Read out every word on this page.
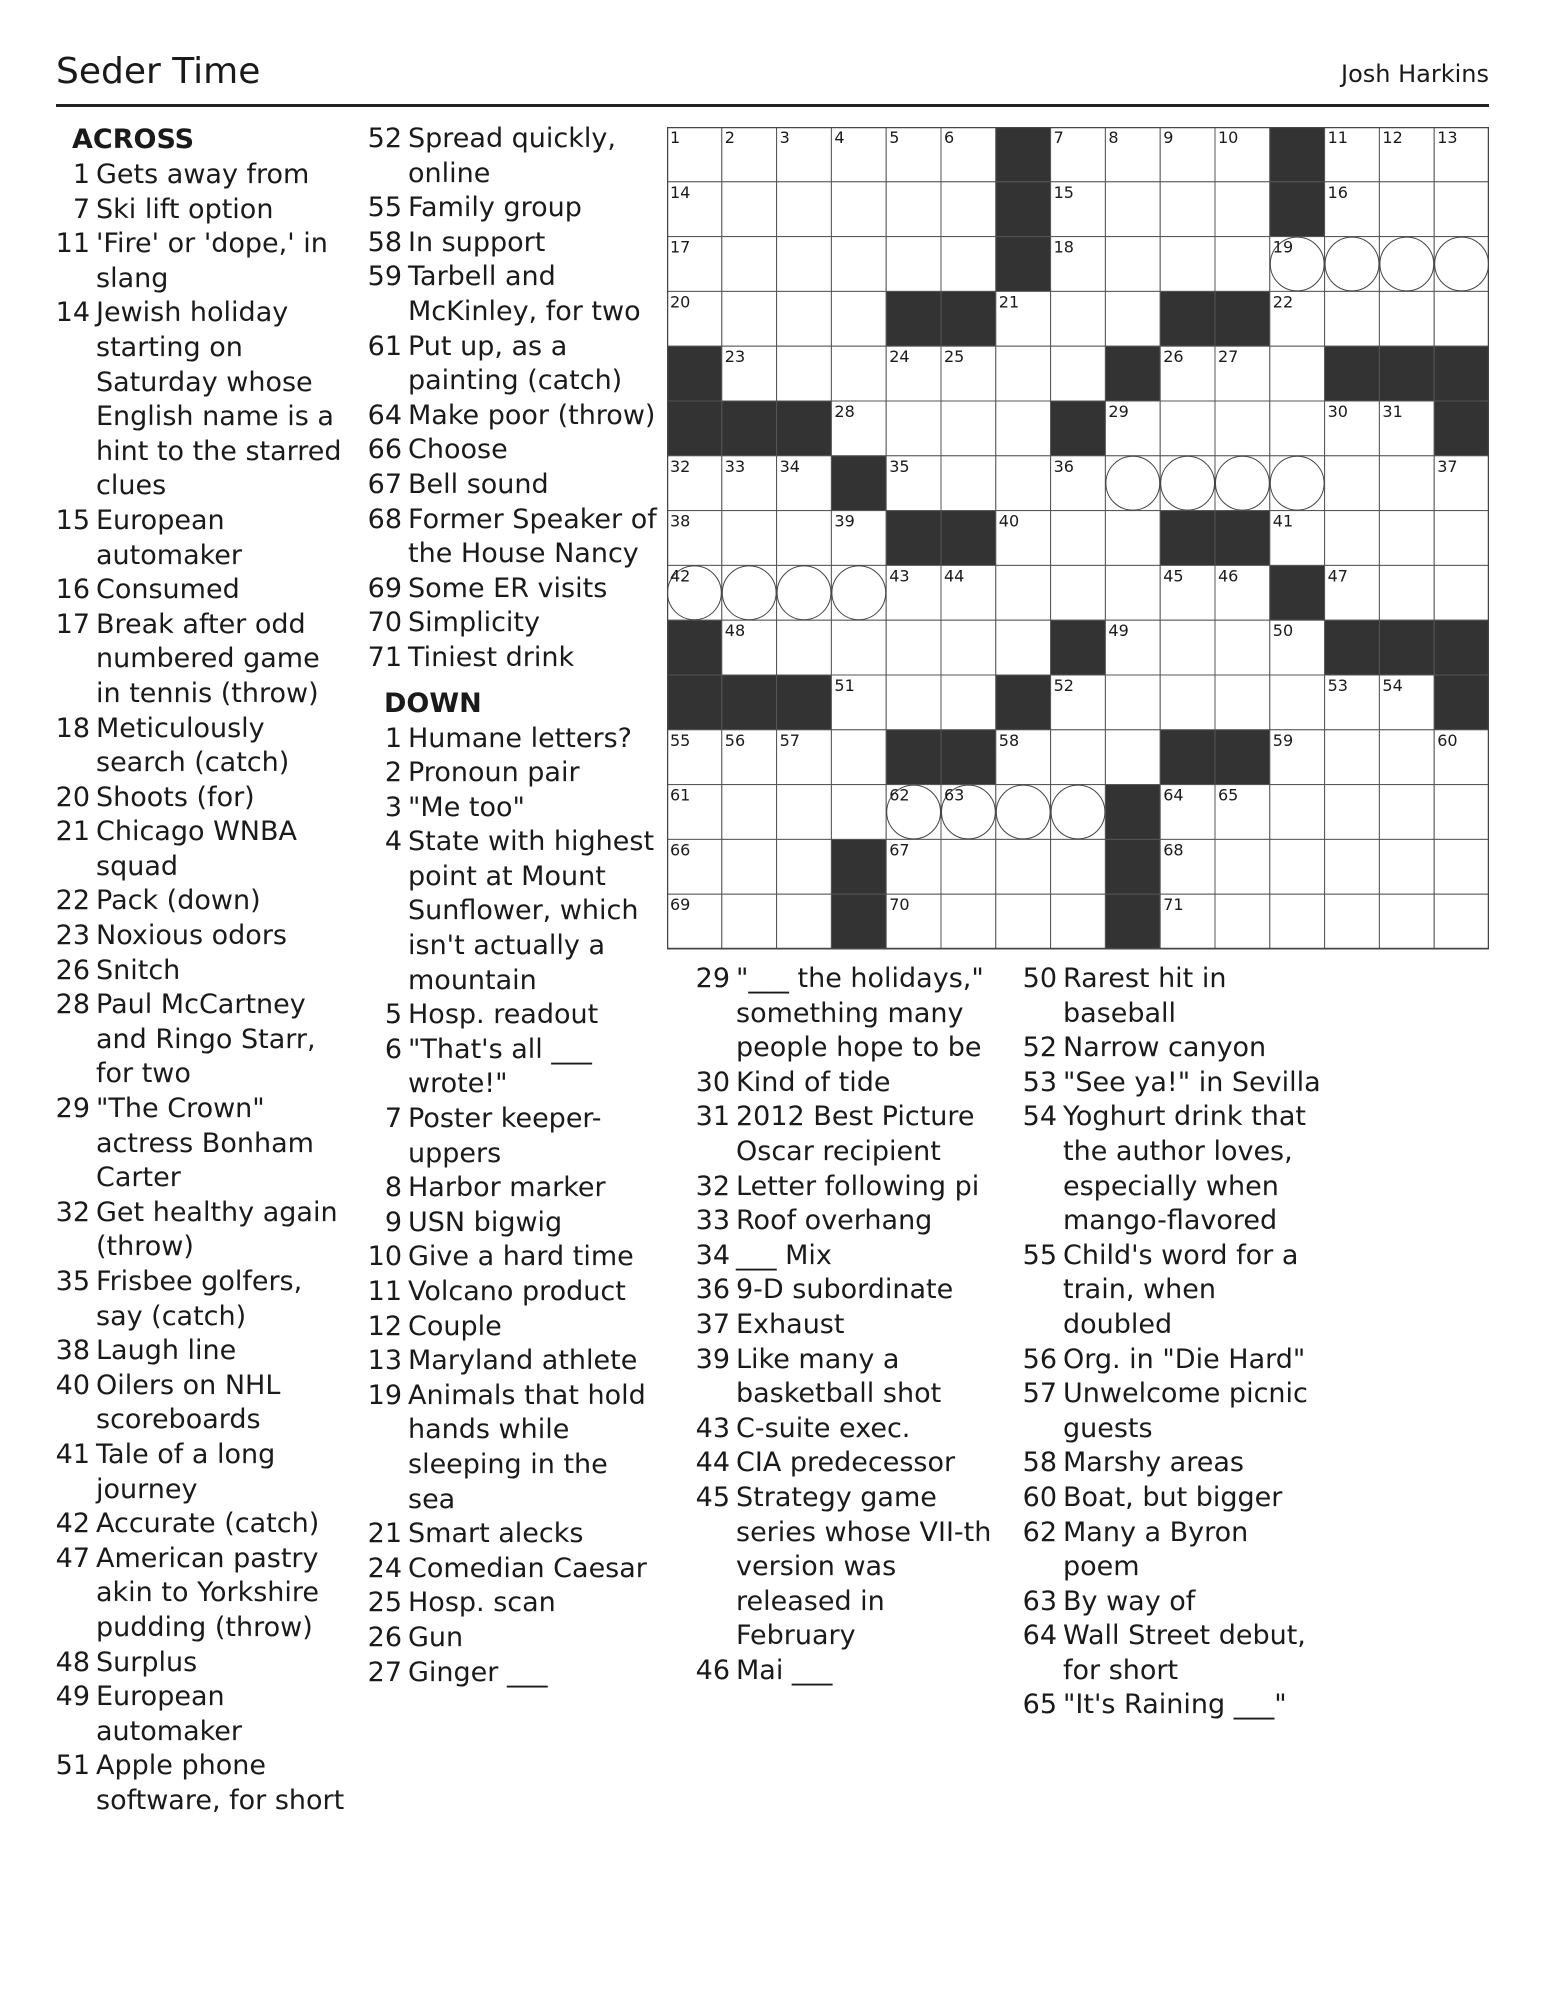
Seder Time	Josh Harkins
ACROSS
1 Gets away from
7 Ski lift option
11 'Fire' or 'dope,' in slang
14 Jewish holiday starting on Saturday whose English name is a hint to the starred clues
15 European automaker
16 Consumed
17 Break after odd numbered game in tennis (throw)
18 Meticulously search (catch)
20 Shoots (for)
21 Chicago WNBA squad
22 Pack (down)
23 Noxious odors
26 Snitch
28 Paul McCartney and Ringo Starr, for two
29 "The Crown" actress Bonham Carter
32 Get healthy again (throw)
35 Frisbee golfers, say (catch)
38 Laugh line
40 Oilers on NHL scoreboards
41 Tale of a long journey
42 Accurate (catch)
47 American pastry akin to Yorkshire pudding (throw)
48 Surplus
49 European automaker
51 Apple phone software, for short
52 Spread quickly, online
55 Family group
58 In support
59 Tarbell and McKinley, for two
61 Put up, as a painting (catch)
64 Make poor (throw)
66 Choose
67 Bell sound
68 Former Speaker of the House Nancy
69 Some ER visits
70 Simplicity
71 Tiniest drink
DOWN
1 Humane letters?
2 Pronoun pair
3 "Me too"
4 State with highest point at Mount Sunflower, which isn't actually a mountain
5 Hosp. readout
6 "That's all ___ wrote!"
7 Poster keeper-uppers
8 Harbor marker
9 USN bigwig
10 Give a hard time
11 Volcano product
12 Couple
13 Maryland athlete
19 Animals that hold hands while sleeping in the sea
21 Smart alecks
24 Comedian Caesar
25 Hosp. scan
26 Gun
27 Ginger ___
29 "___ the holidays," something many people hope to be
30 Kind of tide
31 2012 Best Picture Oscar recipient
32 Letter following pi
33 Roof overhang
34 ___ Mix
36 9-D subordinate
37 Exhaust
39 Like many a basketball shot
43 C-suite exec.
44 CIA predecessor
45 Strategy game series whose VII-th version was released in February
46 Mai ___
50 Rarest hit in baseball
52 Narrow canyon
53 "See ya!" in Sevilla
54 Yoghurt drink that the author loves, especially when mango-flavored
55 Child's word for a train, when doubled
56 Org. in "Die Hard"
57 Unwelcome picnic guests
58 Marshy areas
60 Boat, but bigger
62 Many a Byron poem
63 By way of
64 Wall Street debut, for short
65 "It's Raining ___"
1	2	3	4	5	6	7	8	9	10	11 12 13
14	15	16
17	18	19
20	21	22
23	24 25	26 27
28	29	30 31
32 33 34	35	36	37
38	39	40	41
42	43 44	45 46	47
48	49	50
51	52	53 54
55 56 57	58	59	60
61	62 63	64 65
66	67	68
69	70	71
